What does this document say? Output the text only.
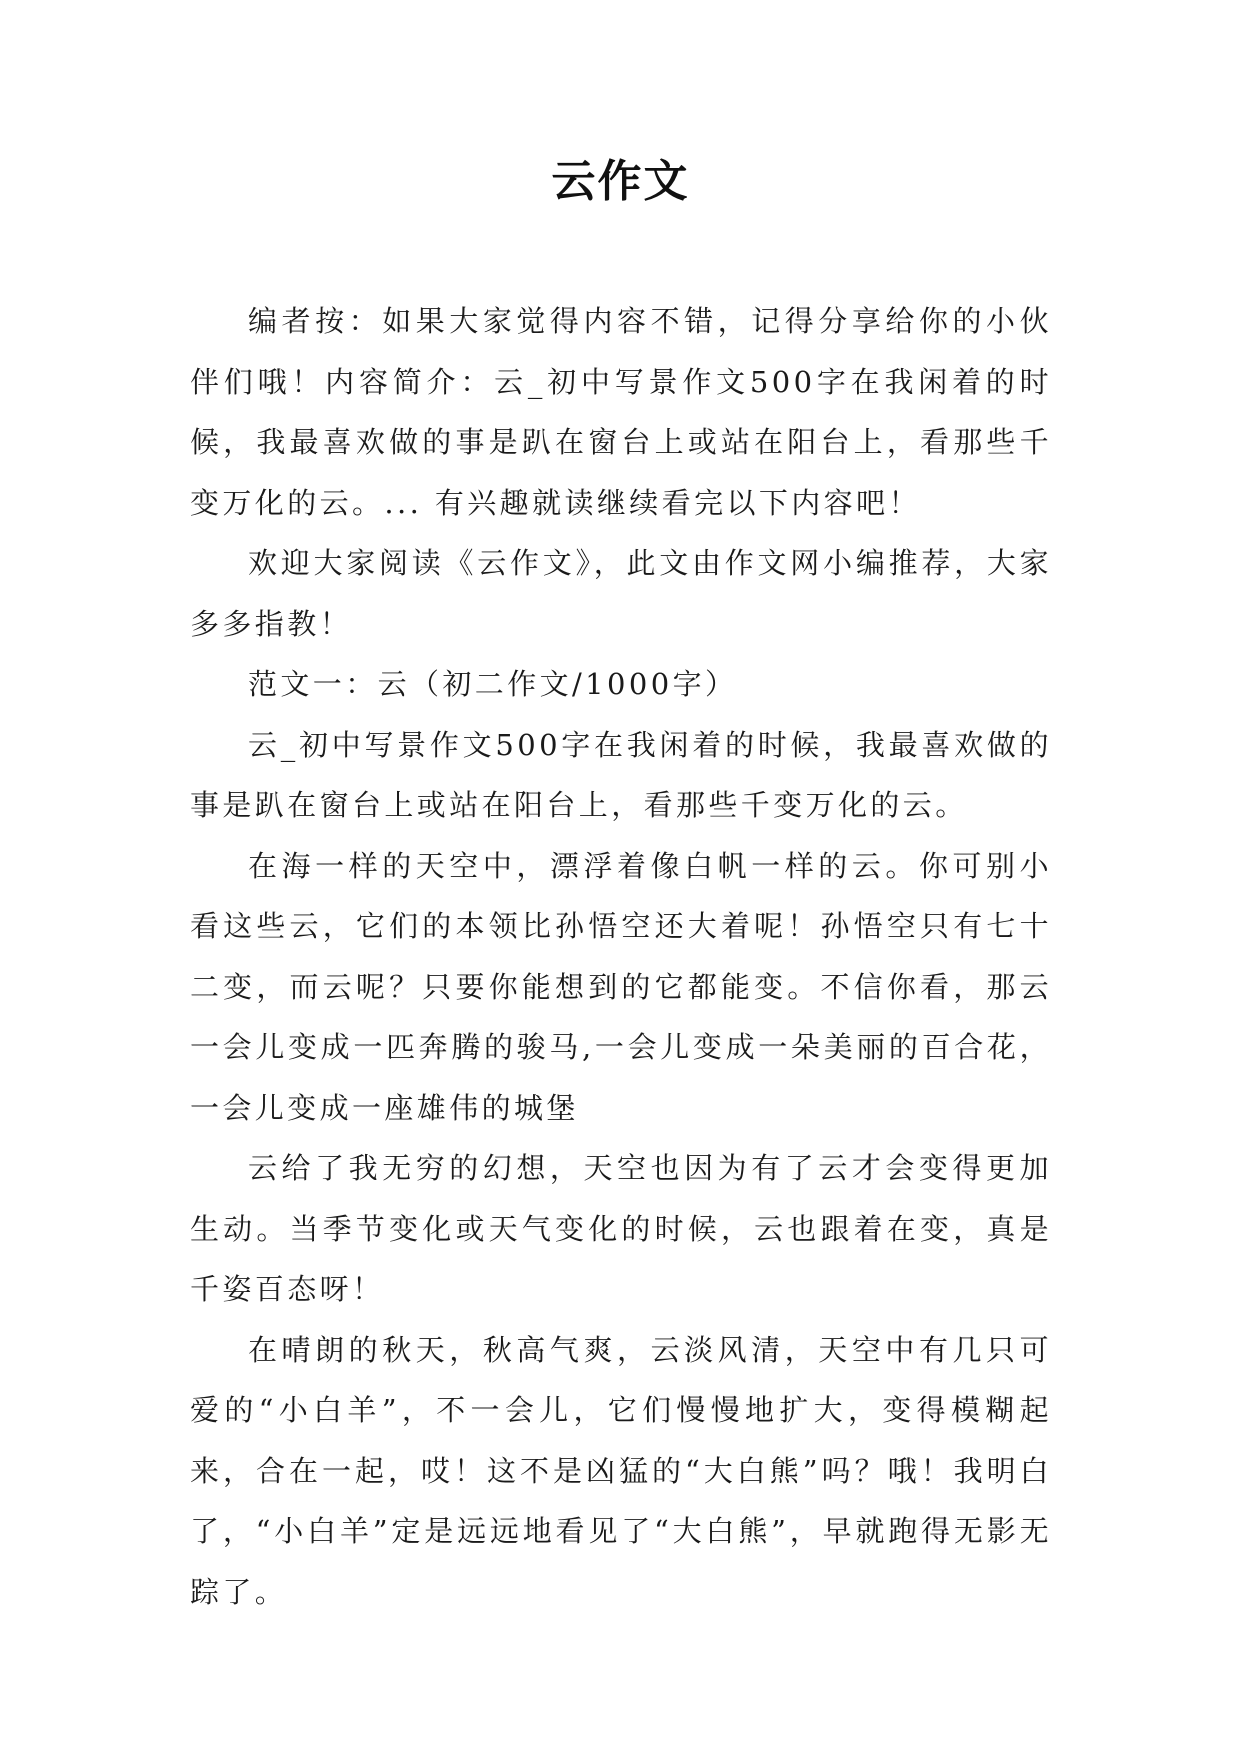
云作文

编者按：如果大家觉得内容不错，记得分享给你的小伙伴们哦！内容简介：云_初中写景作文500字在我闲着的时候，我最喜欢做的事是趴在窗台上或站在阳台上，看那些千变万化的云。... 有兴趣就读继续看完以下内容吧！

欢迎大家阅读《云作文》，此文由作文网小编推荐，大家多多指教！

范文一：云（初二作文/1000字）

云_初中写景作文500字在我闲着的时候，我最喜欢做的事是趴在窗台上或站在阳台上，看那些千变万化的云。

在海一样的天空中，漂浮着像白帆一样的云。你可别小看这些云，它们的本领比孙悟空还大着呢！孙悟空只有七十二变，而云呢？只要你能想到的它都能变。不信你看，那云一会儿变成一匹奔腾的骏马,一会儿变成一朵美丽的百合花，一会儿变成一座雄伟的城堡

云给了我无穷的幻想，天空也因为有了云才会变得更加生动。当季节变化或天气变化的时候，云也跟着在变，真是千姿百态呀！

在晴朗的秋天，秋高气爽，云淡风清，天空中有几只可爱的“小白羊”，不一会儿，它们慢慢地扩大，变得模糊起来，合在一起，哎！这不是凶猛的“大白熊”吗？哦！我明白了，“小白羊”定是远远地看见了“大白熊”，早就跑得无影无踪了。
